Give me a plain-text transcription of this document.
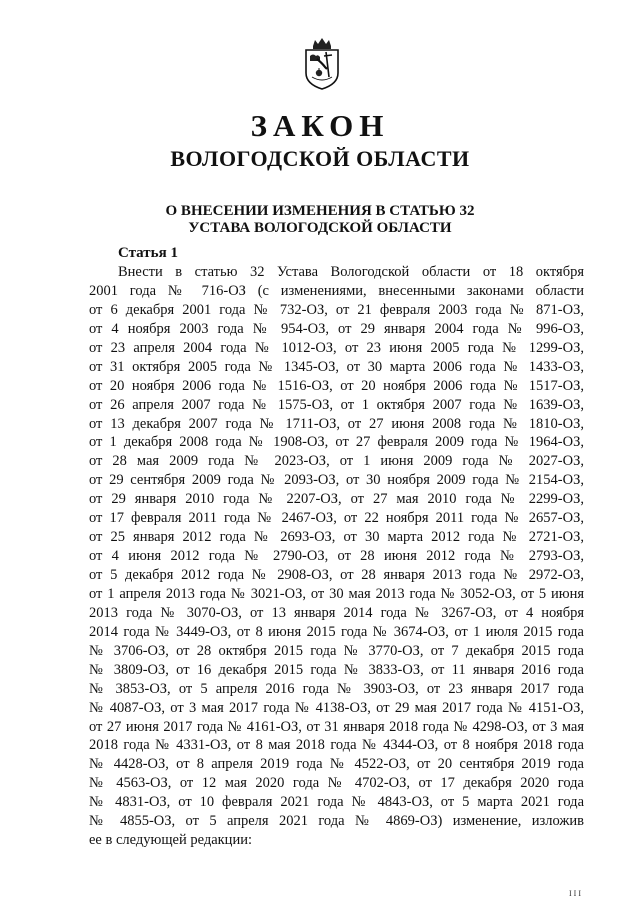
ЗАКОН
ВОЛОГОДСКОЙ ОБЛАСТИ
О ВНЕСЕНИИ ИЗМЕНЕНИЯ В СТАТЬЮ 32
УСТАВА ВОЛОГОДСКОЙ ОБЛАСТИ
Статья 1
Внести в статью 32 Устава Вологодской области от 18 октября
2001 года № 716-ОЗ (с изменениями, внесенными законами области
от 6 декабря 2001 года № 732-ОЗ, от 21 февраля 2003 года № 871-ОЗ,
от 4 ноября 2003 года № 954-ОЗ, от 29 января 2004 года № 996-ОЗ,
от 23 апреля 2004 года № 1012-ОЗ, от 23 июня 2005 года № 1299-ОЗ,
от 31 октября 2005 года № 1345-ОЗ, от 30 марта 2006 года № 1433-ОЗ,
от 20 ноября 2006 года № 1516-ОЗ, от 20 ноября 2006 года № 1517-ОЗ,
от 26 апреля 2007 года № 1575-ОЗ, от 1 октября 2007 года № 1639-ОЗ,
от 13 декабря 2007 года № 1711-ОЗ, от 27 июня 2008 года № 1810-ОЗ,
от 1 декабря 2008 года № 1908-ОЗ, от 27 февраля 2009 года № 1964-ОЗ,
от 28 мая 2009 года № 2023-ОЗ, от 1 июня 2009 года № 2027-ОЗ,
от 29 сентября 2009 года № 2093-ОЗ, от 30 ноября 2009 года № 2154-ОЗ,
от 29 января 2010 года № 2207-ОЗ, от 27 мая 2010 года № 2299-ОЗ,
от 17 февраля 2011 года № 2467-ОЗ, от 22 ноября 2011 года № 2657-ОЗ,
от 25 января 2012 года № 2693-ОЗ, от 30 марта 2012 года № 2721-ОЗ,
от 4 июня 2012 года № 2790-ОЗ, от 28 июня 2012 года № 2793-ОЗ,
от 5 декабря 2012 года № 2908-ОЗ, от 28 января 2013 года № 2972-ОЗ,
от 1 апреля 2013 года № 3021-ОЗ, от 30 мая 2013 года № 3052-ОЗ, от 5 июня
2013 года № 3070-ОЗ, от 13 января 2014 года № 3267-ОЗ, от 4 ноября
2014 года № 3449-ОЗ, от 8 июня 2015 года № 3674-ОЗ, от 1 июля 2015 года
№ 3706-ОЗ, от 28 октября 2015 года № 3770-ОЗ, от 7 декабря 2015 года
№ 3809-ОЗ, от 16 декабря 2015 года № 3833-ОЗ, от 11 января 2016 года
№ 3853-ОЗ, от 5 апреля 2016 года № 3903-ОЗ, от 23 января 2017 года
№ 4087-ОЗ, от 3 мая 2017 года № 4138-ОЗ, от 29 мая 2017 года № 4151-ОЗ,
от 27 июня 2017 года № 4161-ОЗ, от 31 января 2018 года № 4298-ОЗ, от 3 мая
2018 года № 4331-ОЗ, от 8 мая 2018 года № 4344-ОЗ, от 8 ноября 2018 года
№ 4428-ОЗ, от 8 апреля 2019 года № 4522-ОЗ, от 20 сентября 2019 года
№ 4563-ОЗ, от 12 мая 2020 года № 4702-ОЗ, от 17 декабря 2020 года
№ 4831-ОЗ, от 10 февраля 2021 года № 4843-ОЗ, от 5 марта 2021 года
№ 4855-ОЗ, от 5 апреля 2021 года № 4869-ОЗ) изменение, изложив
ее в следующей редакции:
III
